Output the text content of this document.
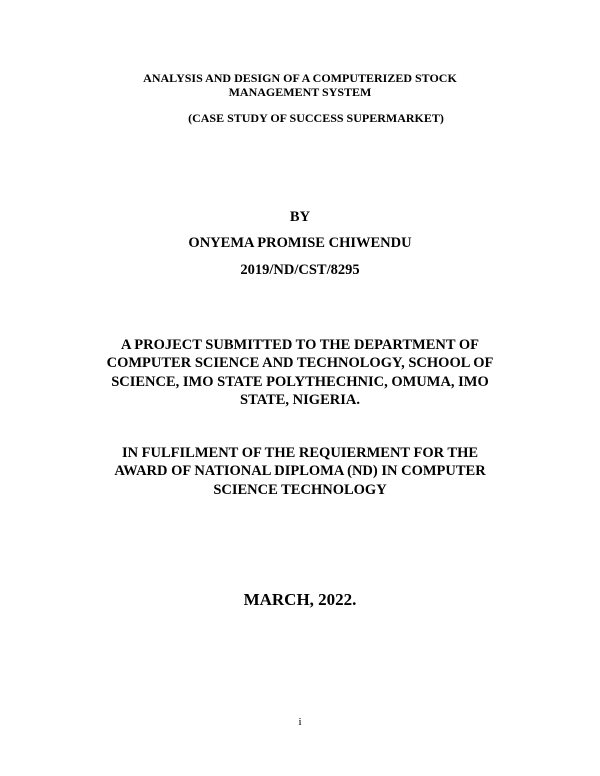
ANALYSIS AND DESIGN OF A COMPUTERIZED STOCK
MANAGEMENT SYSTEM
(CASE STUDY OF SUCCESS SUPERMARKET)
BY
ONYEMA PROMISE CHIWENDU
2019/ND/CST/8295
A PROJECT SUBMITTED TO THE DEPARTMENT OF
COMPUTER SCIENCE AND TECHNOLOGY, SCHOOL OF
SCIENCE, IMO STATE POLYTHECHNIC, OMUMA, IMO
STATE, NIGERIA.
IN FULFILMENT OF THE REQUIERMENT FOR THE
AWARD OF NATIONAL DIPLOMA (ND) IN COMPUTER
SCIENCE TECHNOLOGY
MARCH, 2022.
i
